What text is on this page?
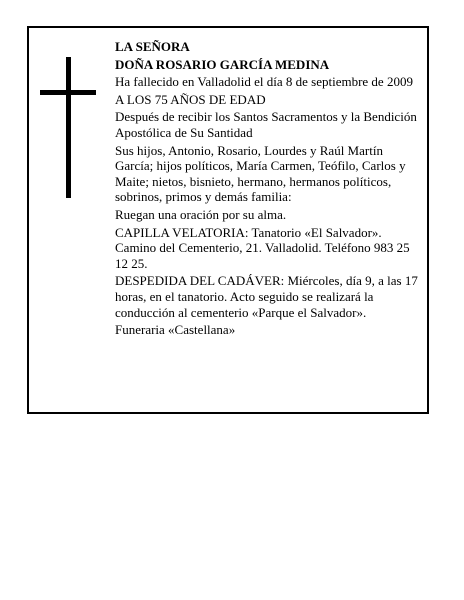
LA SEÑORA

DOÑA ROSARIO GARCÍA MEDINA

Ha fallecido en Valladolid el día 8 de septiembre de 2009

A LOS 75 AÑOS DE EDAD

Después de recibir los Santos Sacramentos y la Bendición Apostólica de Su Santidad

Sus hijos, Antonio, Rosario, Lourdes y Raúl Martín García; hijos políticos, María Carmen, Teófilo, Carlos y Maite; nietos, bisnieto, hermano, hermanos políticos, sobrinos, primos y demás familia:

Ruegan una oración por su alma.

CAPILLA VELATORIA: Tanatorio «El Salvador». Camino del Cementerio, 21. Valladolid. Teléfono 983 25 12 25.

DESPEDIDA DEL CADÁVER: Miércoles, día 9, a las 17 horas, en el tanatorio. Acto seguido se realizará la conducción al cementerio «Parque el Salvador».

Funeraria «Castellana»
